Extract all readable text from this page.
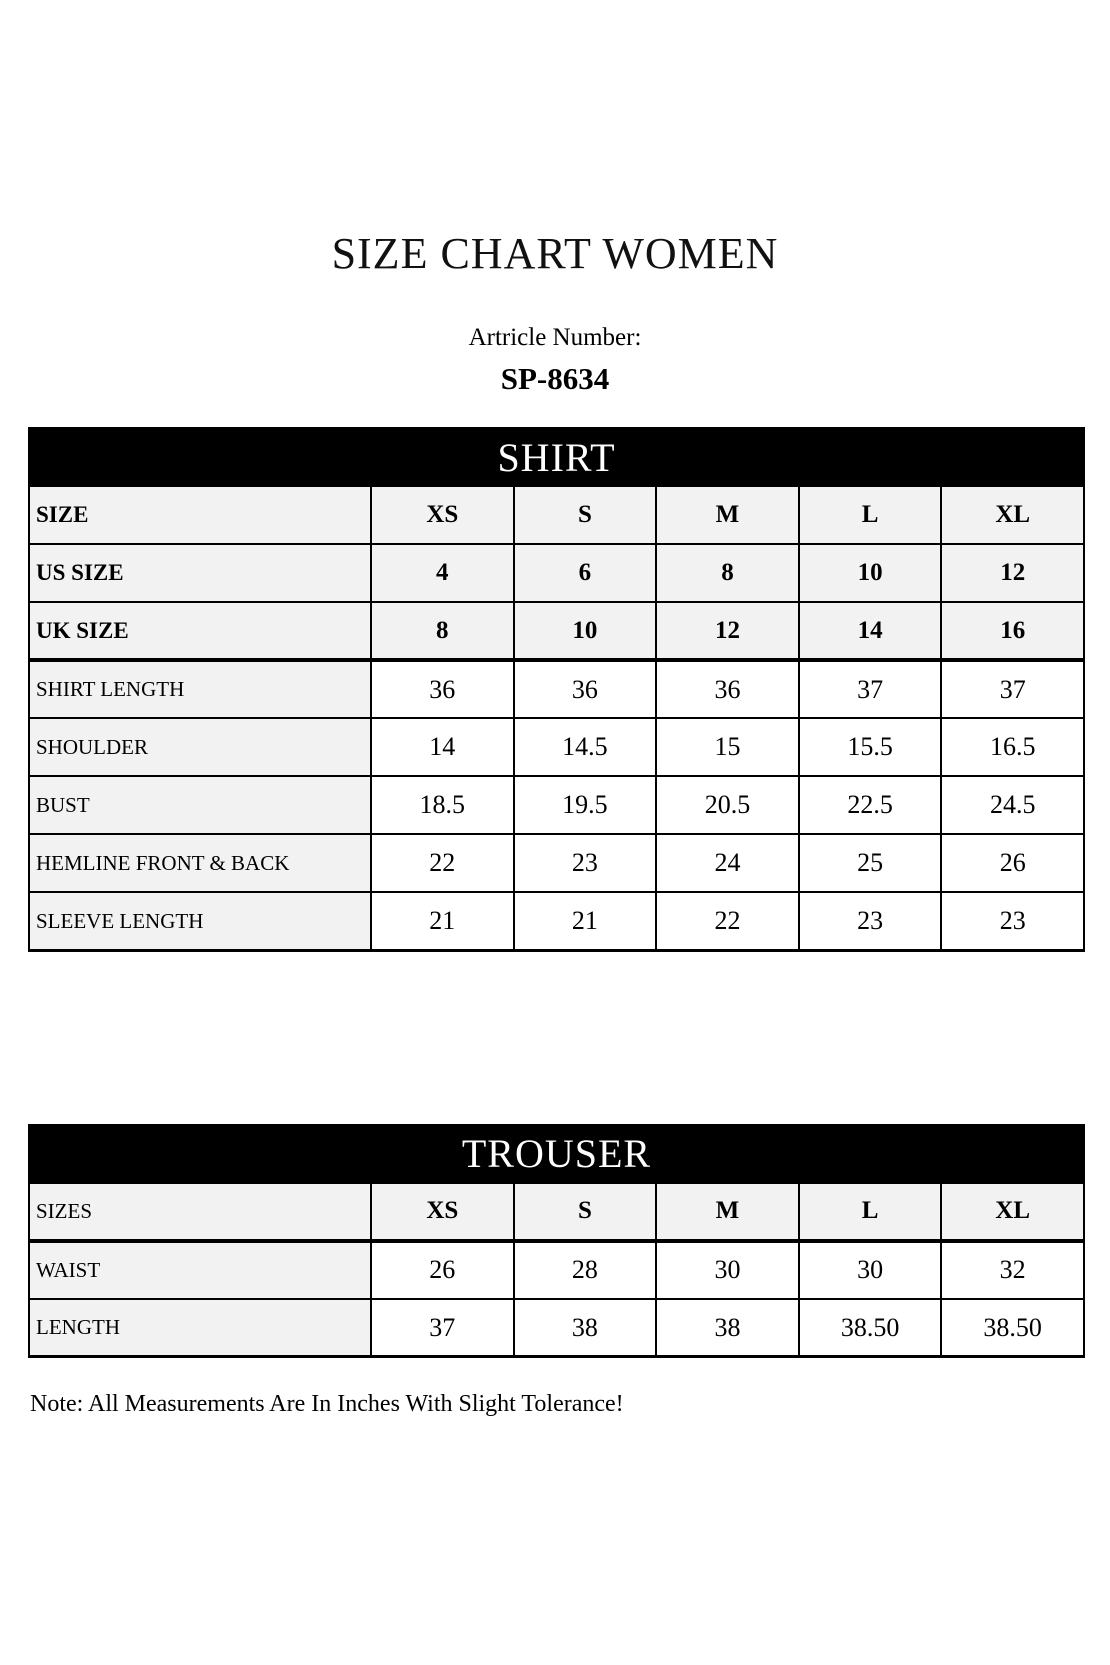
SIZE CHART WOMEN
Artricle Number:
SP-8634
SHIRT					
SIZE	XS	S	M	L	XL
US SIZE	4	6	8	10	12
UK SIZE	8	10	12	14	16
SHIRT LENGTH	36	36	36	37	37
SHOULDER	14	14.5	15	15.5	16.5
BUST	18.5	19.5	20.5	22.5	24.5
HEMLINE FRONT & BACK	22	23	24	25	26
SLEEVE LENGTH	21	21	22	23	23
TROUSER					
SIZES	XS	S	M	L	XL
WAIST	26	28	30	30	32
LENGTH	37	38	38	38.50	38.50
Note: All Measurements Are In Inches With Slight Tolerance!
